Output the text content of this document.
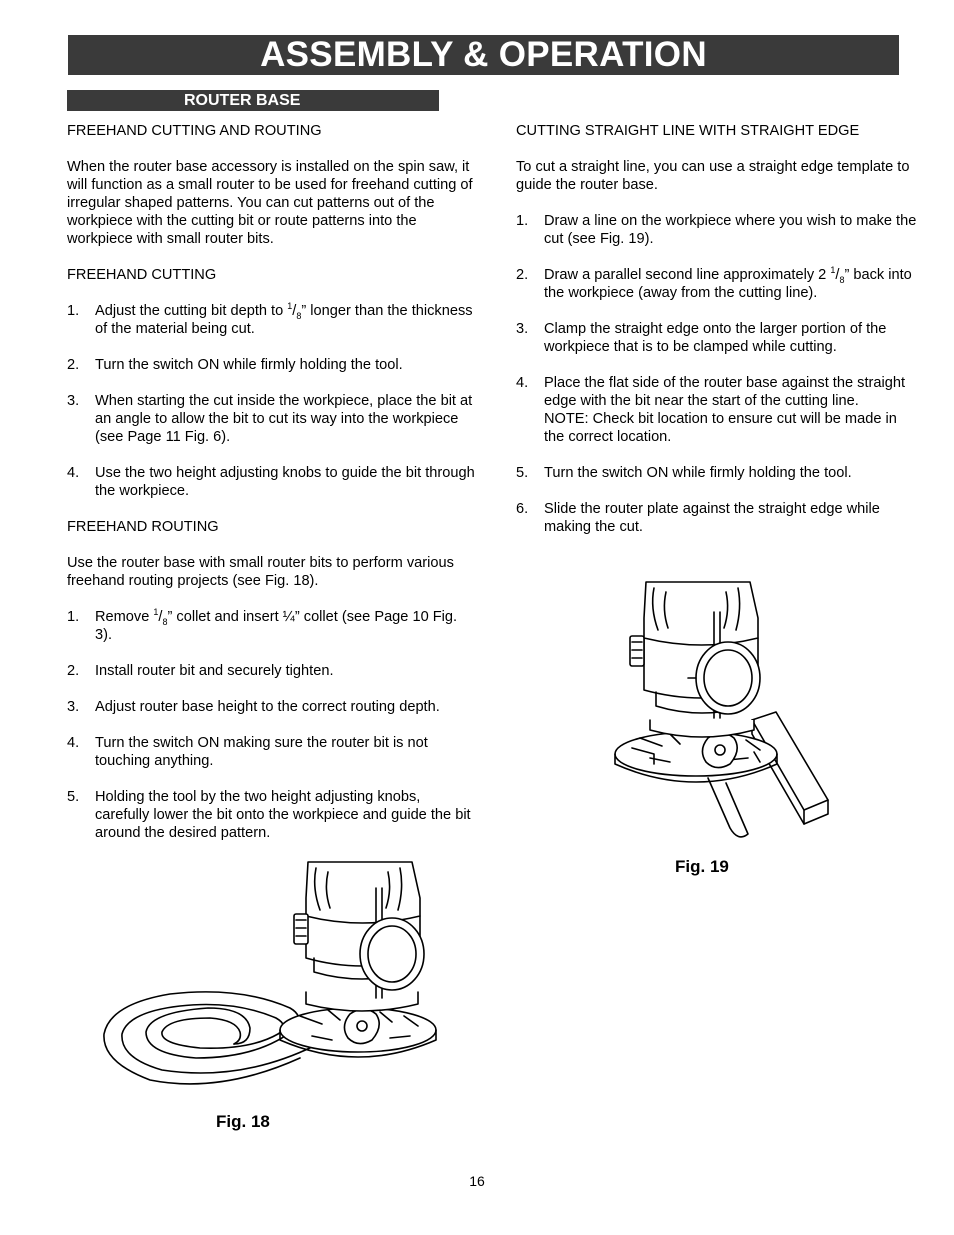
ASSEMBLY & OPERATION
ROUTER BASE
FREEHAND CUTTING AND ROUTING

When the router base accessory is installed on the spin saw, it will function as a small router to be used for freehand cutting of irregular shaped patterns. You can cut patterns out of the workpiece with the cutting bit or route patterns into the workpiece with small router bits.

FREEHAND CUTTING
1. Adjust the cutting bit depth to $^1/_8$” longer than the thickness of the material being cut.
2. Turn the switch ON while firmly holding the tool.
3. When starting the cut inside the workpiece, place the bit at an angle to allow the bit to cut its way into the workpiece (see Page 11 Fig. 6).
4. Use the two height adjusting knobs to guide the bit through the workpiece.
FREEHAND ROUTING

Use the router base with small router bits to perform various freehand routing projects (see Fig. 18).

1. Remove $^1/_8$” collet and insert ¼” collet (see Page 10 Fig. 3).
2. Install router bit and securely tighten.
3. Adjust router base height to the correct routing depth.
4. Turn the switch ON making sure the router bit is not touching anything.
5. Holding the tool by the two height adjusting knobs, carefully lower the bit onto the workpiece and guide the bit around the desired pattern.
CUTTING STRAIGHT LINE WITH STRAIGHT EDGE

To cut a straight line, you can use a straight edge template to guide the router base.

1. Draw a line on the workpiece where you wish to make the cut (see Fig. 19).
2. Draw a parallel second line approximately 2 $^1/_8$” back into the workpiece (away from the cutting line).
3. Clamp the straight edge onto the larger portion of the workpiece that is to be clamped while cutting.
4. Place the flat side of the router base against the straight edge with the bit near the start of the cutting line.
NOTE: Check bit location to ensure cut will be made in the correct location.
5. Turn the switch ON while firmly holding the tool.
6. Slide the router plate against the straight edge while making the cut.
Fig. 19
Fig. 18
16
